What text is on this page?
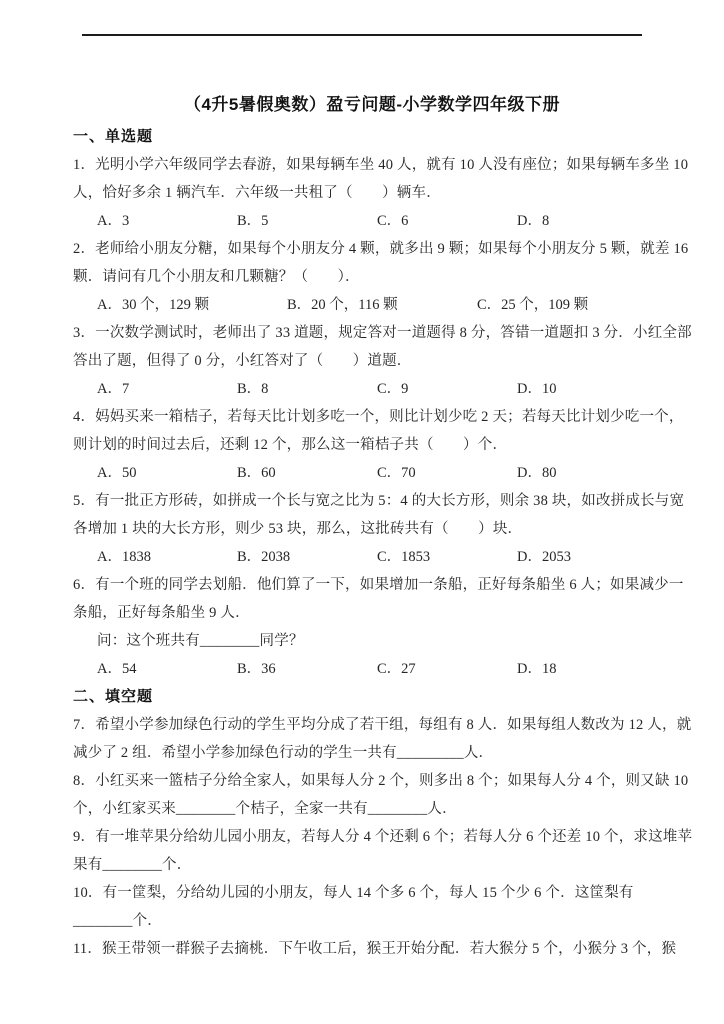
（4升5暑假奥数）盈亏问题-小学数学四年级下册
一、单选题

1．光明小学六年级同学去春游，如果每辆车坐 40 人，就有 10 人没有座位；如果每辆车多坐 10

人，恰好多余 1 辆汽车．六年级一共租了（　　）辆车．

A．3	B．5	C．6	D．8

2．老师给小朋友分糖，如果每个小朋友分 4 颗，就多出 9 颗；如果每个小朋友分 5 颗，就差 16

颗．请问有几个小朋友和几颗糖？（　　）．

A．30 个，129 颗	B．20 个，116 颗	C．25 个，109 颗

3．一次数学测试时，老师出了 33 道题，规定答对一道题得 8 分，答错一道题扣 3 分．小红全部

答出了题，但得了 0 分，小红答对了（　　）道题．

A．7	B．8	C．9	D．10

4．妈妈买来一箱桔子，若每天比计划多吃一个，则比计划少吃 2 天；若每天比计划少吃一个，

则计划的时间过去后，还剩 12 个，那么这一箱桔子共（　　）个．

A．50	B．60	C．70	D．80

5．有一批正方形砖，如拼成一个长与宽之比为 5：4 的大长方形，则余 38 块，如改拼成长与宽

各增加 1 块的大长方形，则少 53 块，那么，这批砖共有（　　）块．

A．1838	B．2038	C．1853	D．2053

6．有一个班的同学去划船．他们算了一下，如果增加一条船，正好每条船坐 6 人；如果减少一

条船，正好每条船坐 9 人．

问：这个班共有________同学？

A．54	B．36	C．27	D．18
二、填空题

7．希望小学参加绿色行动的学生平均分成了若干组，每组有 8 人．如果每组人数改为 12 人，就

减少了 2 组．希望小学参加绿色行动的学生一共有_________人．

8．小红买来一篮桔子分给全家人，如果每人分 2 个，则多出 8 个；如果每人分 4 个，则又缺 10

个，小红家买来________个桔子，全家一共有________人．

9．有一堆苹果分给幼儿园小朋友，若每人分 4 个还剩 6 个；若每人分 6 个还差 10 个，求这堆苹

果有________个．

10．有一筐梨，分给幼儿园的小朋友，每人 14 个多 6 个，每人 15 个少 6 个．这筐梨有

________个．

11．猴王带领一群猴子去摘桃．下午收工后，猴王开始分配．若大猴分 5 个，小猴分 3 个，猴
